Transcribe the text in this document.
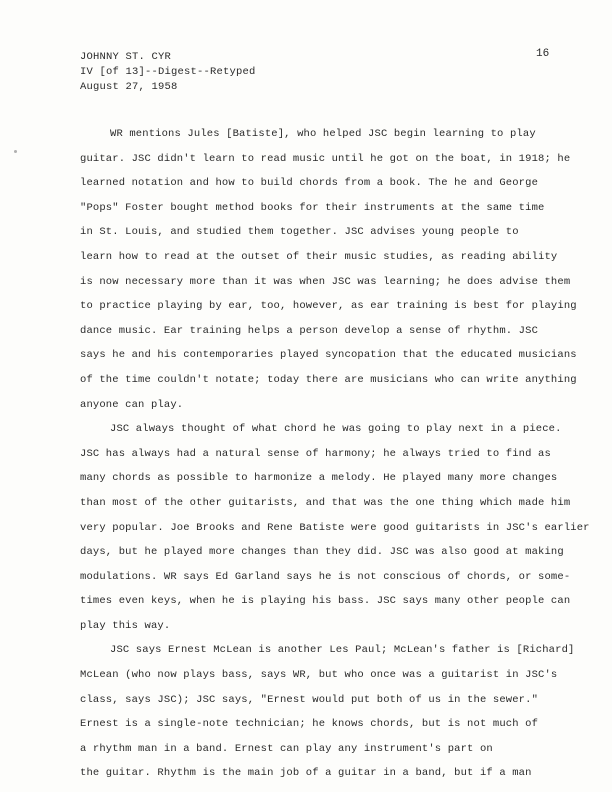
JOHNNY ST. CYR
IV [of 13]--Digest--Retyped
August 27, 1958
16

WR mentions Jules [Batiste], who helped JSC begin learning to play
guitar. JSC didn't learn to read music until he got on the boat, in 1918; he
learned notation and how to build chords from a book. The he and George
"Pops" Foster bought method books for their instruments at the same time
in St. Louis, and studied them together. JSC advises young people to
learn how to read at the outset of their music studies, as reading ability
is now necessary more than it was when JSC was learning; he does advise them
to practice playing by ear, too, however, as ear training is best for playing
dance music. Ear training helps a person develop a sense of rhythm. JSC
says he and his contemporaries played syncopation that the educated musicians
of the time couldn't notate; today there are musicians who can write anything
anyone can play.

JSC always thought of what chord he was going to play next in a piece.
JSC has always had a natural sense of harmony; he always tried to find as
many chords as possible to harmonize a melody. He played many more changes
than most of the other guitarists, and that was the one thing which made him
very popular. Joe Brooks and Rene Batiste were good guitarists in JSC's earlier
days, but he played more changes than they did. JSC was also good at making
modulations. WR says Ed Garland says he is not conscious of chords, or some-
times even keys, when he is playing his bass. JSC says many other people can
play this way.

JSC says Ernest McLean is another Les Paul; McLean's father is [Richard]
McLean (who now plays bass, says WR, but who once was a guitarist in JSC's
class, says JSC); JSC says, "Ernest would put both of us in the sewer."
Ernest is a single-note technician; he knows chords, but is not much of
a rhythm man in a band. Ernest can play any instrument's part on
the guitar. Rhythm is the main job of a guitar in a band, but if a man
